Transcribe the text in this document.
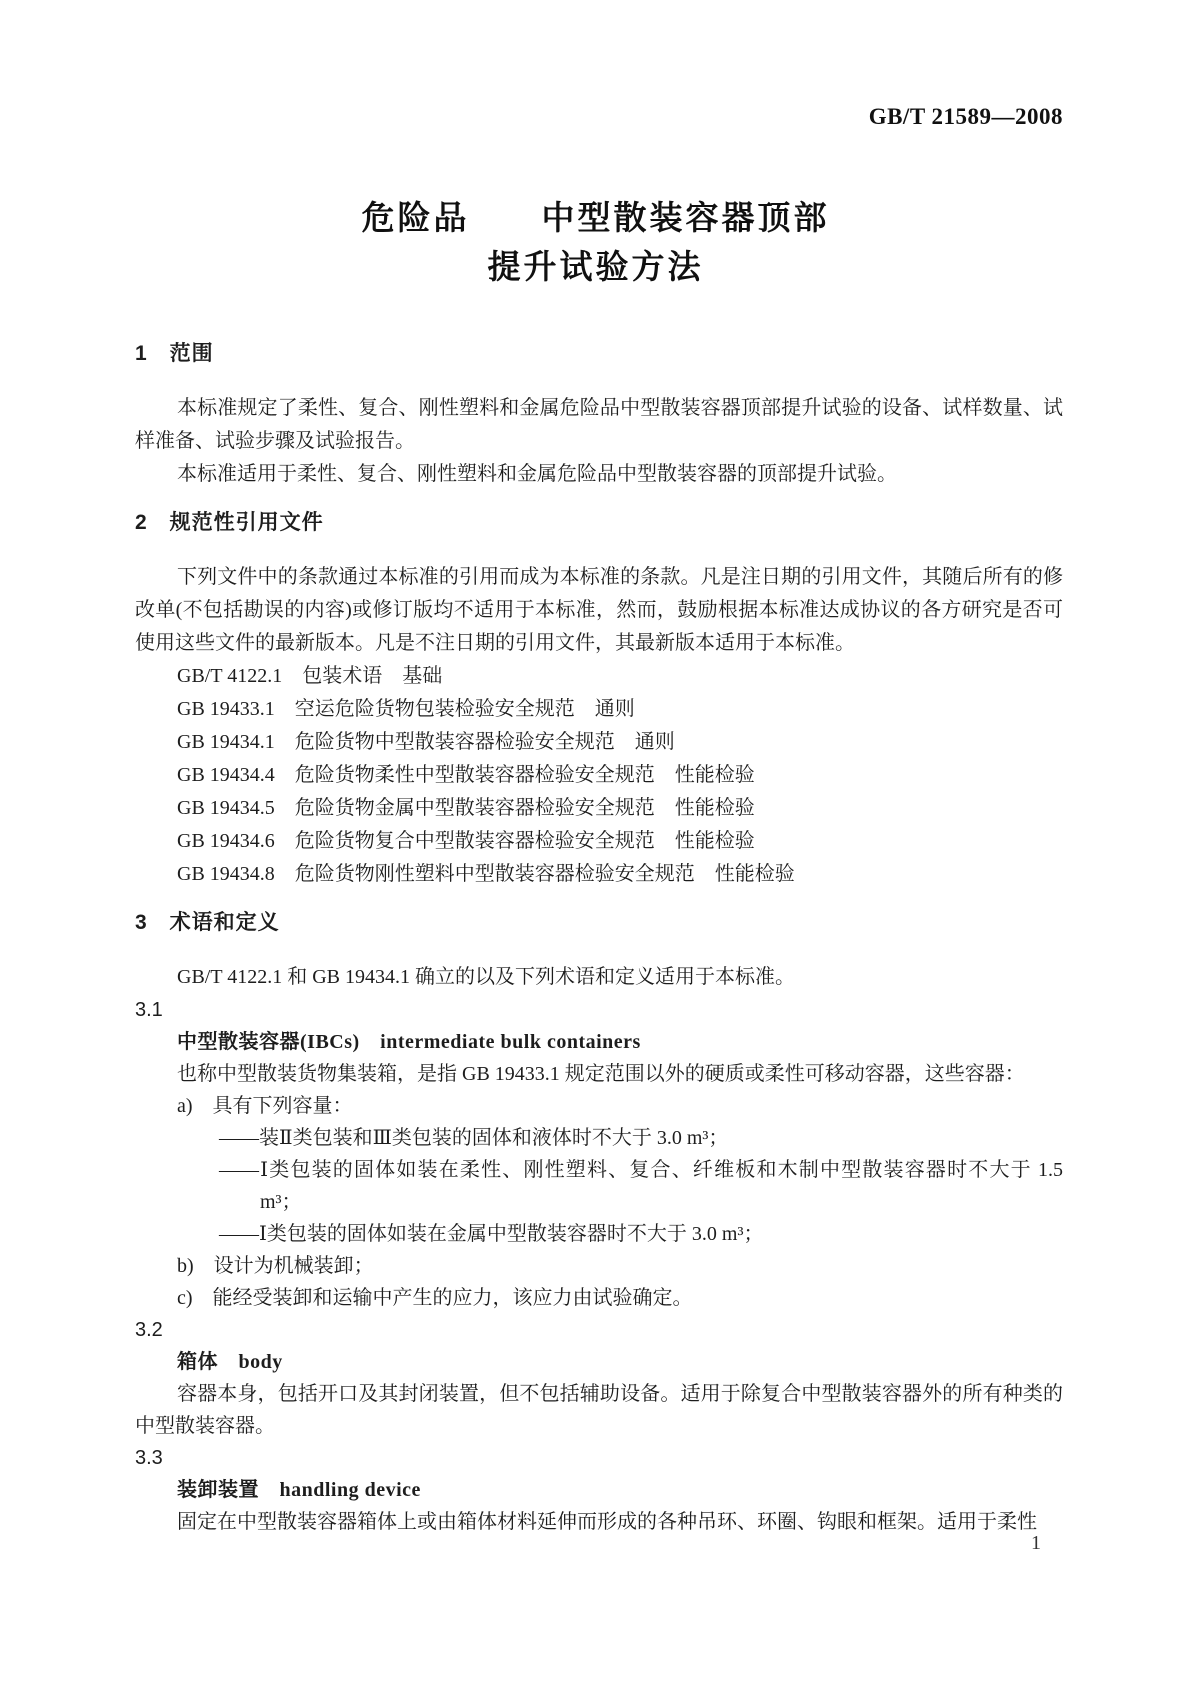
GB/T 21589—2008
危险品　　中型散装容器顶部
提升试验方法
1　范围
本标准规定了柔性、复合、刚性塑料和金属危险品中型散装容器顶部提升试验的设备、试样数量、试样准备、试验步骤及试验报告。
本标准适用于柔性、复合、刚性塑料和金属危险品中型散装容器的顶部提升试验。
2　规范性引用文件
下列文件中的条款通过本标准的引用而成为本标准的条款。凡是注日期的引用文件，其随后所有的修改单(不包括勘误的内容)或修订版均不适用于本标准，然而，鼓励根据本标准达成协议的各方研究是否可使用这些文件的最新版本。凡是不注日期的引用文件，其最新版本适用于本标准。
GB/T 4122.1　包装术语　基础
GB 19433.1　空运危险货物包装检验安全规范　通则
GB 19434.1　危险货物中型散装容器检验安全规范　通则
GB 19434.4　危险货物柔性中型散装容器检验安全规范　性能检验
GB 19434.5　危险货物金属中型散装容器检验安全规范　性能检验
GB 19434.6　危险货物复合中型散装容器检验安全规范　性能检验
GB 19434.8　危险货物刚性塑料中型散装容器检验安全规范　性能检验
3　术语和定义
GB/T 4122.1 和 GB 19434.1 确立的以及下列术语和定义适用于本标准。
3.1
中型散装容器(IBCs)　intermediate bulk containers
也称中型散装货物集装箱，是指 GB 19433.1 规定范围以外的硬质或柔性可移动容器，这些容器：
a)　具有下列容量：
——装Ⅱ类包装和Ⅲ类包装的固体和液体时不大于 3.0 m³；
——Ⅰ类包装的固体如装在柔性、刚性塑料、复合、纤维板和木制中型散装容器时不大于 1.5 m³；
——Ⅰ类包装的固体如装在金属中型散装容器时不大于 3.0 m³；
b)　设计为机械装卸；
c)　能经受装卸和运输中产生的应力，该应力由试验确定。
3.2
箱体　body
容器本身，包括开口及其封闭装置，但不包括辅助设备。适用于除复合中型散装容器外的所有种类的中型散装容器。
3.3
装卸装置　handling device
固定在中型散装容器箱体上或由箱体材料延伸而形成的各种吊环、环圈、钩眼和框架。适用于柔性
1
